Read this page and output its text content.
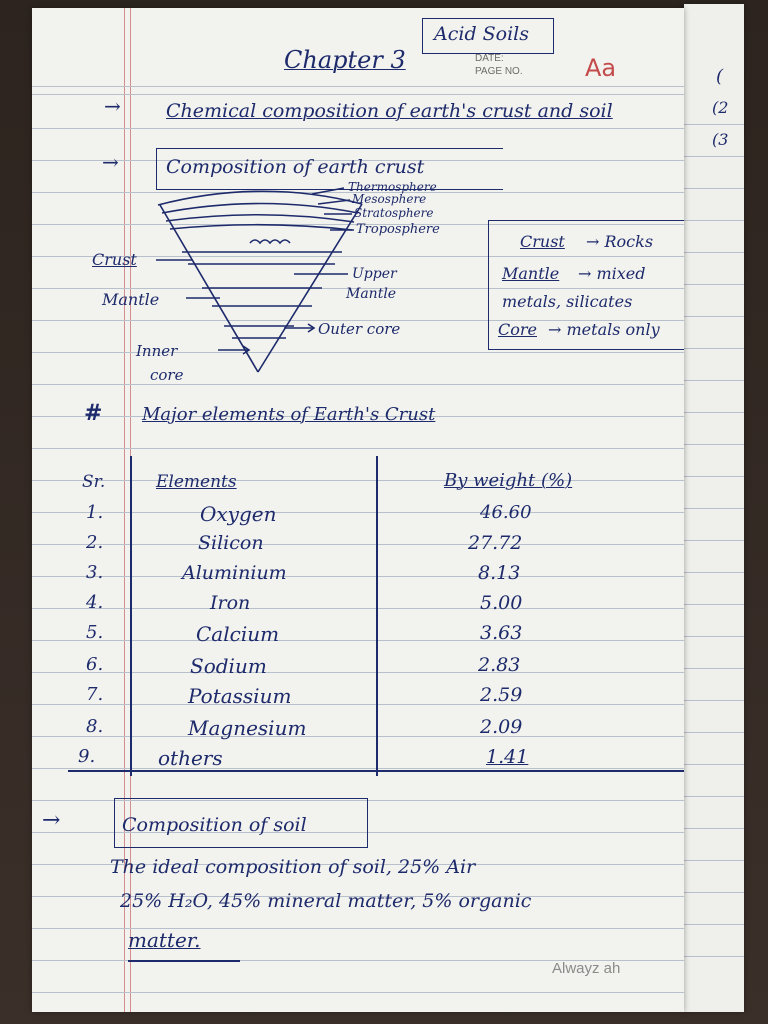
(
(2
(3
Acid Soils
Chapter 3	DATE:
PAGE NO.	Aa
→ Chemical composition of earth's crust and soil
→ Composition of earth crust
Thermosphere
Mesosphere
Stratosphere
Troposphere
Crust
Upper
Mantle
Mantle
Outer core
Inner
core
Crust → Rocks
Mantle → mixed
metals, silicates
Core → metals only
# Major elements of Earth's Crust
Sr.	Elements	By weight (%)
1.	Oxygen	46.60
2.	Silicon	27.72
3.	Aluminium	8.13
4.	Iron	5.00
5.	Calcium	3.63
6.	Sodium	2.83
7.	Potassium	2.59
8.	Magnesium	2.09
9.	others	1.41
→	Composition of soil
The ideal composition of soil, 25% Air
25% H₂O, 45% mineral matter, 5% organic
matter.
Alwayz ah
